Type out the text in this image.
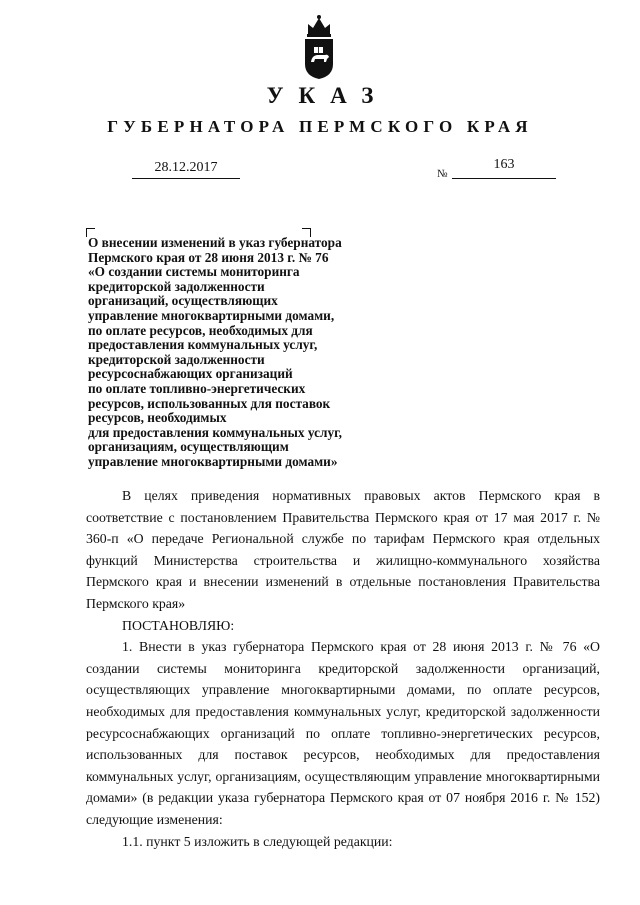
УКАЗ
ГУБЕРНАТОРА ПЕРМСКОГО КРАЯ
28.12.2017	№
163
О внесении изменений в указ губернатора
Пермского края от 28 июня 2013 г. № 76
«О создании системы мониторинга
кредиторской задолженности
организаций, осуществляющих
управление многоквартирными домами,
по оплате ресурсов, необходимых для
предоставления коммунальных услуг,
кредиторской задолженности
ресурсоснабжающих организаций
по оплате топливно-энергетических
ресурсов, использованных для поставок
ресурсов, необходимых
для предоставления коммунальных услуг,
организациям, осуществляющим
управление многоквартирными домами»

В целях приведения нормативных правовых актов Пермского края в соответствие с постановлением Правительства Пермского края от 17 мая 2017 г. № 360-п «О передаче Региональной службе по тарифам Пермского края отдельных функций Министерства строительства и жилищно-коммунального хозяйства Пермского края и внесении изменений в отдельные постановления Правительства Пермского края»

ПОСТАНОВЛЯЮ:

1. Внести в указ губернатора Пермского края от 28 июня 2013 г. № 76 «О создании системы мониторинга кредиторской задолженности организаций, осуществляющих управление многоквартирными домами, по оплате ресурсов, необходимых для предоставления коммунальных услуг, кредиторской задолженности ресурсоснабжающих организаций по оплате топливно-энергетических ресурсов, использованных для поставок ресурсов, необходимых для предоставления коммунальных услуг, организациям, осуществляющим управление многоквартирными домами» (в редакции указа губернатора Пермского края от 07 ноября 2016 г. № 152) следующие изменения:

1.1. пункт 5 изложить в следующей редакции:
